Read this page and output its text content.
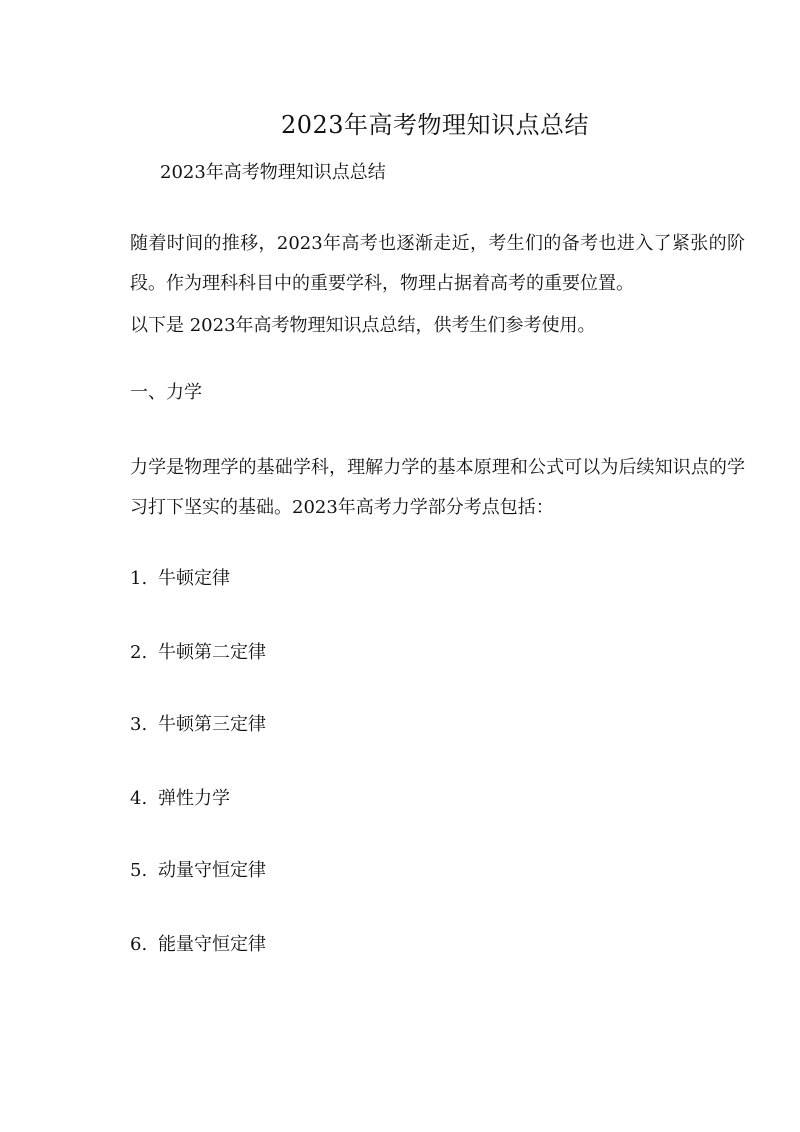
2023年高考物理知识点总结
2023年高考物理知识点总结
随着时间的推移，2023年高考也逐渐走近，考生们的备考也进入了紧张的阶段。作为理科科目中的重要学科，物理占据着高考的重要位置。
以下是 2023年高考物理知识点总结，供考生们参考使用。
一、力学
力学是物理学的基础学科，理解力学的基本原理和公式可以为后续知识点的学习打下坚实的基础。2023年高考力学部分考点包括：
1. 牛顿定律
2. 牛顿第二定律
3. 牛顿第三定律
4. 弹性力学
5. 动量守恒定律
6. 能量守恒定律
